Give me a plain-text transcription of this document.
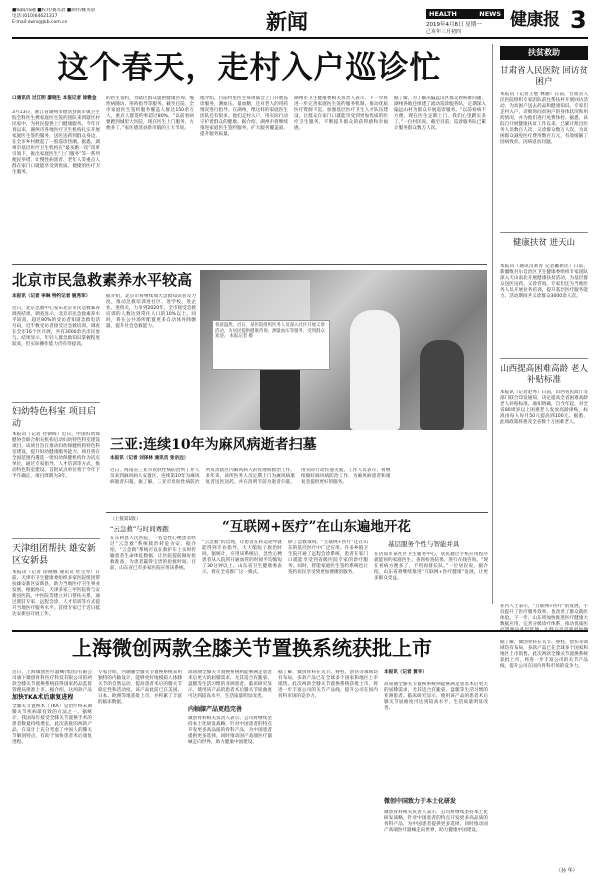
■编辑/钱融 ■校对/赛苏晨 ■制作/姚英晨
电话:(010)64621317
E-mail:xwrx@jkb.com.cn	新闻	HEALTH	NEWS 健康报 3
2019年4月8日 星期一
己亥年三月初四
这个春天，走村入户巡诊忙
口通讯员 过江明 廖晓生 本报记者 徐雅金
3月13日，浙江省湖州市德清县新市镇卫生院全科医生携家庭医生签约团队来到辖区村民家中，为村民提供上门健康服务。今年开春以来，湖州市各地医疗卫生机构扎实开展家庭医生签约服务，送医送药到群众身边，在全市乡村掀起了一股巡诊热潮。据悉，湖州市基层医疗卫生机构在“最多跑一次”改革引领下，推出家庭医生“上门服务”等一系列便民举措，让慢性病患者、老年人等重点人群在家门口就能享受到优质、便捷的医疗卫生服务。
的医生签约，为辖区群众提供健康咨询、慢性病随访、用药指导等服务。截至目前，全市家庭医生签约服务覆盖人群达150余万人，重点人群签约率超过80%。“以前看病要跑到城里大医院，现在医生上门服务，方便多了。”家住德清县新市镇的王大爷说。
他介绍，目前村里医生每周都会上门开展巡诊服务，测血压、量血糖，还对老人的用药情况进行指导。在湖州，像这样的家庭医生团队还有很多。他们走村入户，用实际行动守护着群众的健康。据介绍，湖州市将继续推进家庭医生签约服务，扩大服务覆盖面，提升服务质量。
湖州市卫生健康委相关负责人表示，下一步将进一步完善家庭医生签约服务机制，推动优质医疗资源下沉，加强基层医疗卫生人才队伍建设，让群众在家门口就能享受到更加优质的医疗卫生服务，不断提升群众的获得感和幸福感。
据了解，为了解决偏远山区群众看病难问题，湖州各地还组建了流动巡诊服务队，定期深入偏远山村为群众开展巡诊服务。“以前看病不方便，现在医生定期上门，我们心里踏实多了。”一位村民说。截至目前，巡诊服务队已累计服务群众数万人次。
扶贫救助
甘肃省人民医院 回访贫困户
本报讯（记者王璧 林丽）日前，甘肃省人民医院组织专家团队前往帮扶村开展回访活动，为贫困户送去药品和健康知识。专家们走村入户，详细询问贫困户的身体状况和用药情况，并为他们进行免费体检。据悉，该院自开展健康扶贫工作以来，已累计派出医务人员数百人次，义诊群众数万人次，为贫困群众减免医疗费用数百万元，有效缓解了因病致贫、因病返贫问题。
健康扶贫 进天山
本报讯（通讯员刘青 记者戴新民）日前，新疆维吾尔自治区卫生健康委组织专家团队深入天山南北开展健康扶贫活动，为基层群众送医送药、义诊咨询。专家们还为当地医务人员开展业务培训，提升基层医疗服务能力。活动期间共义诊群众3000余人次。
山西提高困难高龄 老人补贴标准
本报讯（记者赵秀）日前，山西省民政厅等部门联合印发通知，决定提高全省困难高龄老人补贴标准。通知明确，自今年起，对全省80周岁以上困难老人发放高龄津贴，标准由每人每月50元提高到100元。据悉，此项政策将惠及全省数十万困难老人。
北京市民急救素养水平较高
本报讯（记者 李琳 特约记者 姚秀军）
近日，北京急救中心发布北京市民急救素养调查结果。调查显示，北京市民急救素养水平较高，超过80%的受访者知道急救电话号码，近半数受访者接受过急救培训。调查在全市16个区开展，共有3000余名市民参与。结果显示，年轻人群急救知识掌握程度较高，但实际操作能力仍有待提高。
据介绍，北京市将继续加大急救知识普及力度，推动急救培训进社区、进学校、进企业、进机关，力争到2020年，全市接受急救培训的人数达到常住人口的10%以上。同时，将在公共场所配置更多自动体外除颤器，提升社会急救能力。
妇幼特色科室 项目启动
本报讯（记者 付朝晖）近日，中国妇幼保健协会联合相关机构启动妇幼特色科室建设项目。该项目旨在推动妇幼保健机构特色科室建设，提升妇幼健康服务能力。项目将在全国范围内遴选一批妇幼保健机构作为试点单位，通过专家指导、人才培训等方式，推动特色科室建设。首批试点单位将于今年下半年确定，项目周期为3年。
天津组团帮扶 雄安新区安新县
本报讯（记者 徐晓娜 通讯员 杜宝琴）日前，天津市卫生健康委组织多家医院组团帮扶雄安新区安新县，助力当地医疗卫生事业发展。根据协议，天津多家三甲医院将与安新县医院、中医院等建立对口帮扶关系，通过派驻专家、远程会诊、人才培训等方式提升当地医疗服务水平。首批专家已于近日抵达安新县开展工作。
春意盎然，近日，某医院组织医务人员深入社区开展义诊活动，为居民提供健康咨询、测量血压等服务，受到群众欢迎。 本报记者 摄
三亚:连续10年为麻风病逝者扫墓
本报讯（记者 刘泽林 通讯员 张宗远）
近日，海南省三亚市皮肤性病防治所工作人员来到麻风病人安置区，连续第10年为麻风病逝者扫墓。据了解，三亚市皮肤性病防治所负责辖区内麻风病人的管理和救治工作，多年来，该所医务人员定期上门为麻风病康复者送医送药，并在清明节前为逝者扫墓，用实际行动传递关爱。工作人员表示，将继续做好麻风病防治工作，为麻风病患者和康复者提供更好的服务。
（上接第1版）
“云急救”与时间赛跑	“互联网+医疗”在山东遍地开花
在东阿县人民医院，一名急性心梗患者经过“云急救”系统救治转危为安。据介绍，“云急救”系统可以在救护车上实时传输患者生命体征数据，让医院提前做好抢救准备，为患者赢得宝贵的抢救时间。目前，山东省已有多家医院应用该系统。
“云急救”的出现，让患者在转运途中就能得到专业指导，大大缩短了救治时间。据统计，应用该系统后，急性心梗患者从入院到开通血管的时间平均缩短了30分钟以上。山东省卫生健康委表示，将在全省推广这一模式。
除了急救领域，“互联网+医疗”还在山东的基层医疗中广泛应用。许多乡镇卫生院开通了远程会诊系统，患者在家门口就能享受到省级医院专家的诊疗服务。同时，智能家庭医生签约系统也让签约居民享受到更加便捷的服务。
基层服务个性与智能并具
在济南市某社区卫生服务中心，居民通过手机应用程序就能预约家庭医生、查询检查结果、进行在线咨询。“现在看病方便多了，不用再排长队。”一位居民说。据介绍，山东省将继续推进“互联网+医疗健康”发展，让更多群众受益。
业内人士表示，“互联网+医疗”的发展，不仅提升了医疗服务效率，也改善了群众就医体验。下一步，山东将加快推进医疗健康大数据应用，完善分级诊疗体系，推动优质医
上海微创两款全膝关节置换系统获批上市
近日，上海微创医疗器械(集团)有限公司旗下微创骨科医疗科技有限公司的两款全膝关节置换系统获得国家药品监督管理局批准上市。据介绍，这两款产品
加快TKA术后康复进程
全膝关节置换术（TKA）是治疗终末期膝关节疾病最有效的方法之一。据统计，我国每年接受全膝关节置换手术的患者数量持续增长。此次获批的两款产品，在设计上充分考虑了中国人的膝关节解剖特点，有助于加快患者术后康复进程。
专家介绍，内轴膝全膝关节置换系统采用独特的内轴设计，能够更好地模拟人体膝关节的自然运动，提高患者术后的膝关节稳定性和活动度。该产品此前已在美国、日本、欧洲等地获批上市，并积累了丰富的临床数据。
内轴膝产品更趋完善
高屈曲全膝关节置换系统则能够满足患者术后更大的屈膝需求，尤其适合有跪姿、盘腿等生活习惯的亚洲患者。临床研究显示，使用该产品的患者术后膝关节屈曲度可达到较高水平，生活质量明显改善。
微创骨科相关负责人表示，公司将继续坚持本土化研发战略，针对中国患者的特点开发更多高品质的骨科产品，为中国患者提供更多选择，同时推动国产高端医疗器械走向世界，助力健康中国建设。
据了解，微创骨科在关节、脊柱、创伤等领域均有布局，多款产品已在全球多个国家和地区上市销售。此次两款全膝关节置换系统获批上市，将进一步丰富公司的关节产品线，提升公司在国内骨科市场的竞争力。
微创中国致力于本土化研发
本报讯（记者 黄辛）
高屈曲全膝关节置换系统则能够满足患者术后更大的屈膝需求，尤其适合有跪姿、盘腿等生活习惯的亚洲患者。临床研究显示，使用该产品的患者术后膝关节屈曲度可达到较高水平，生活质量明显改善。
微创骨科相关负责人表示，公司将继续坚持本土化研发战略，针对中国患者的特点开发更多高品质的骨科产品，为中国患者提供更多选择，同时推动国产高端医疗器械走向世界，助力健康中国建设。
据了解，微创骨科在关节、脊柱、创伤等领域均有布局，多款产品已在全球多个国家和地区上市销售。此次两款全膝关节置换系统获批上市，将进一步丰富公司的关节产品线，提升公司在国内骨科市场的竞争力。
（孙 华）
